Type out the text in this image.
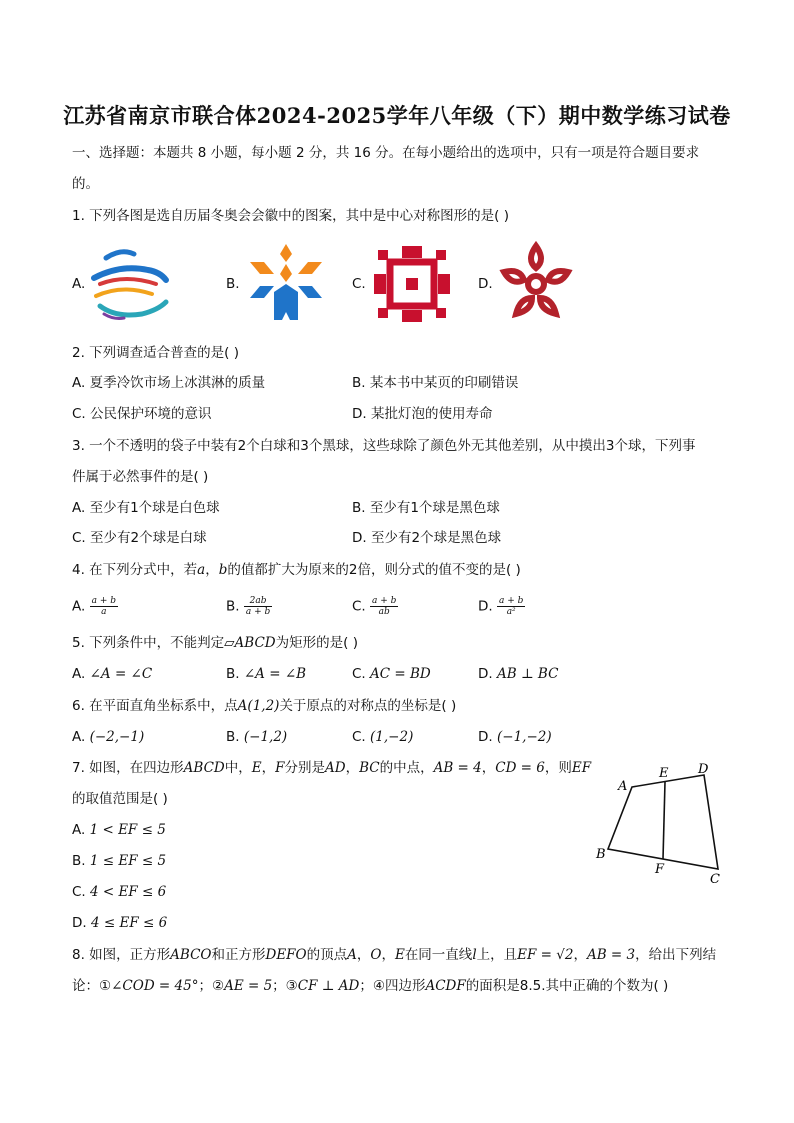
江苏省南京市联合体2024-2025学年八年级（下）期中数学练习试卷
一、选择题：本题共 8 小题，每小题 2 分，共 16 分。在每小题给出的选项中，只有一项是符合题目要求
的。
1. 下列各图是选自历届冬奥会会徽中的图案，其中是中心对称图形的是( )
A.	B.	C.	D.
2. 下列调查适合普查的是( )
A. 夏季冷饮市场上冰淇淋的质量	B. 某本书中某页的印刷错误
C. 公民保护环境的意识	D. 某批灯泡的使用寿命
3. 一个不透明的袋子中装有2个白球和3个黑球，这些球除了颜色外无其他差别，从中摸出3个球，下列事
件属于必然事件的是( )
A. 至少有1个球是白色球	B. 至少有1个球是黑色球
C. 至少有2个球是白球	D. 至少有2个球是黑色球
4. 在下列分式中，若a，b的值都扩大为原来的2倍，则分式的值不变的是( )
A. $\frac{a + b}{a}$	B. $\frac{2ab}{a + b}$	C. $\frac{a + b}{ab}$	D. $\frac{a + b}{\text{a²}}$
5. 下列条件中，不能判定▱ABCD为矩形的是( )
A. ∠A = ∠C	B. ∠A = ∠B	C. AC = BD	D. AB ⊥ BC
6. 在平面直角坐标系中，点A(1,2)关于原点的对称点的坐标是( )
A. (−2,−1)	B. (−1,2)	C. (1,−2)	D. (−1,−2)
7. 如图，在四边形ABCD中，E，F分别是AD，BC的中点，AB = 4，CD = 6，则EF
的取值范围是( )
A. 1 < EF ≤ 5
B. 1 ≤ EF ≤ 5
C. 4 < EF ≤ 6
D. 4 ≤ EF ≤ 6
A
B
C
D
E
F
8. 如图，正方形ABCO和正方形DEFO的顶点A，O，E在同一直线l上，且EF = √2，AB = 3，给出下列结
论：①∠COD = 45°；②AE = 5；③CF ⊥ AD；④四边形ACDF的面积是8.5.其中正确的个数为( )
